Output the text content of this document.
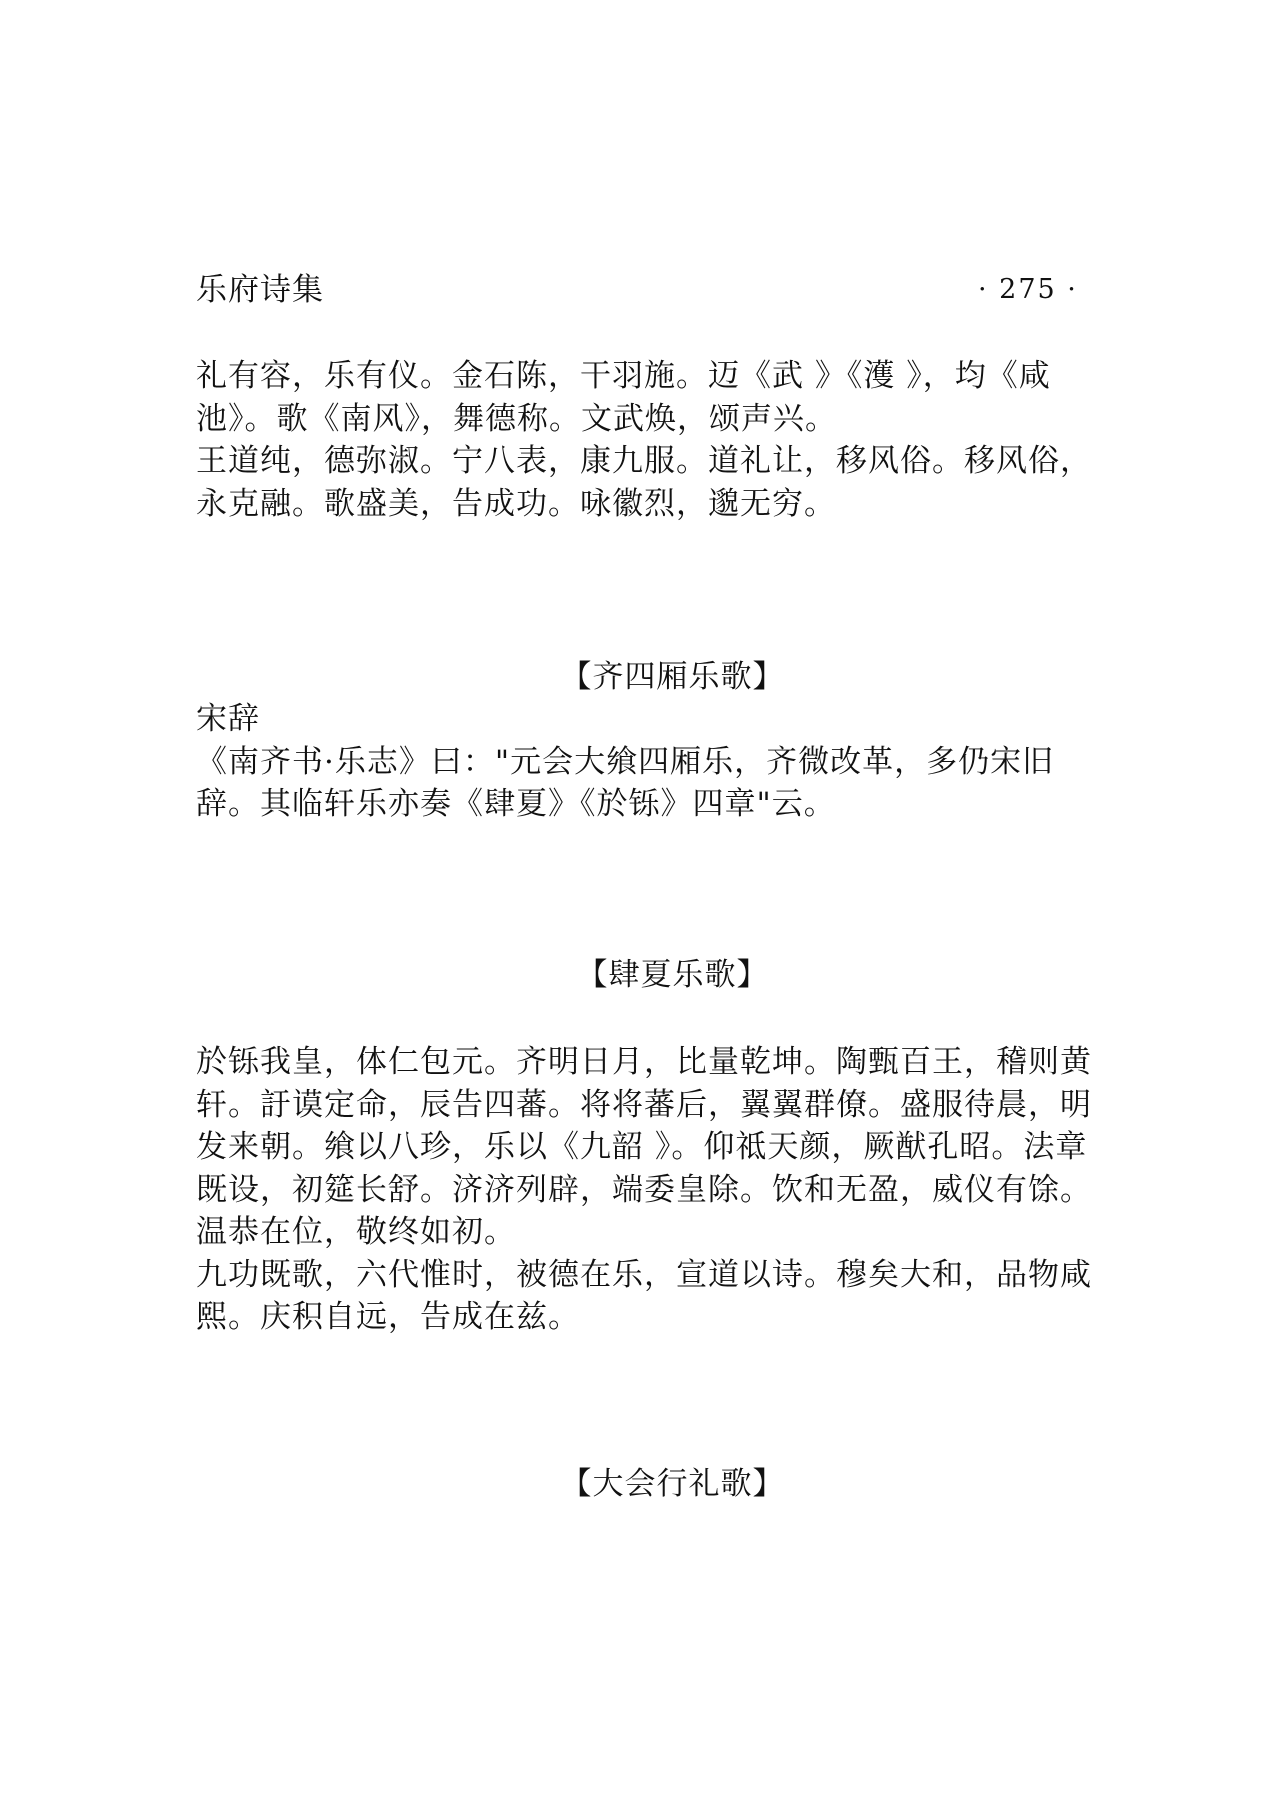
乐府诗集	· 275 ·

礼有容，乐有仪。金石陈，干羽施。迈《武 》《濩 》，均《咸池》。歌《南风》，舞德称。文武焕，颂声兴。

王道纯，德弥淑。宁八表，康九服。道礼让，移风俗。移风俗，永克融。歌盛美，告成功。咏徽烈，邈无穷。

【齐四厢乐歌】

宋辞

《南齐书·乐志》曰："元会大飨四厢乐，齐微改革，多仍宋旧辞。其临轩乐亦奏《肆夏》《於铄》四章"云。

【肆夏乐歌】

於铄我皇，体仁包元。齐明日月，比量乾坤。陶甄百王，稽则黄轩。訏谟定命，辰告四蕃。将将蕃后，翼翼群僚。盛服待晨，明发来朝。飨以八珍，乐以《九韶 》。仰祗天颜，厥猷孔昭。法章既设，初筵长舒。济济列辟，端委皇除。饮和无盈，威仪有馀。温恭在位，敬终如初。

九功既歌，六代惟时，被德在乐，宣道以诗。穆矣大和，品物咸熙。庆积自远，告成在兹。

【大会行礼歌】
